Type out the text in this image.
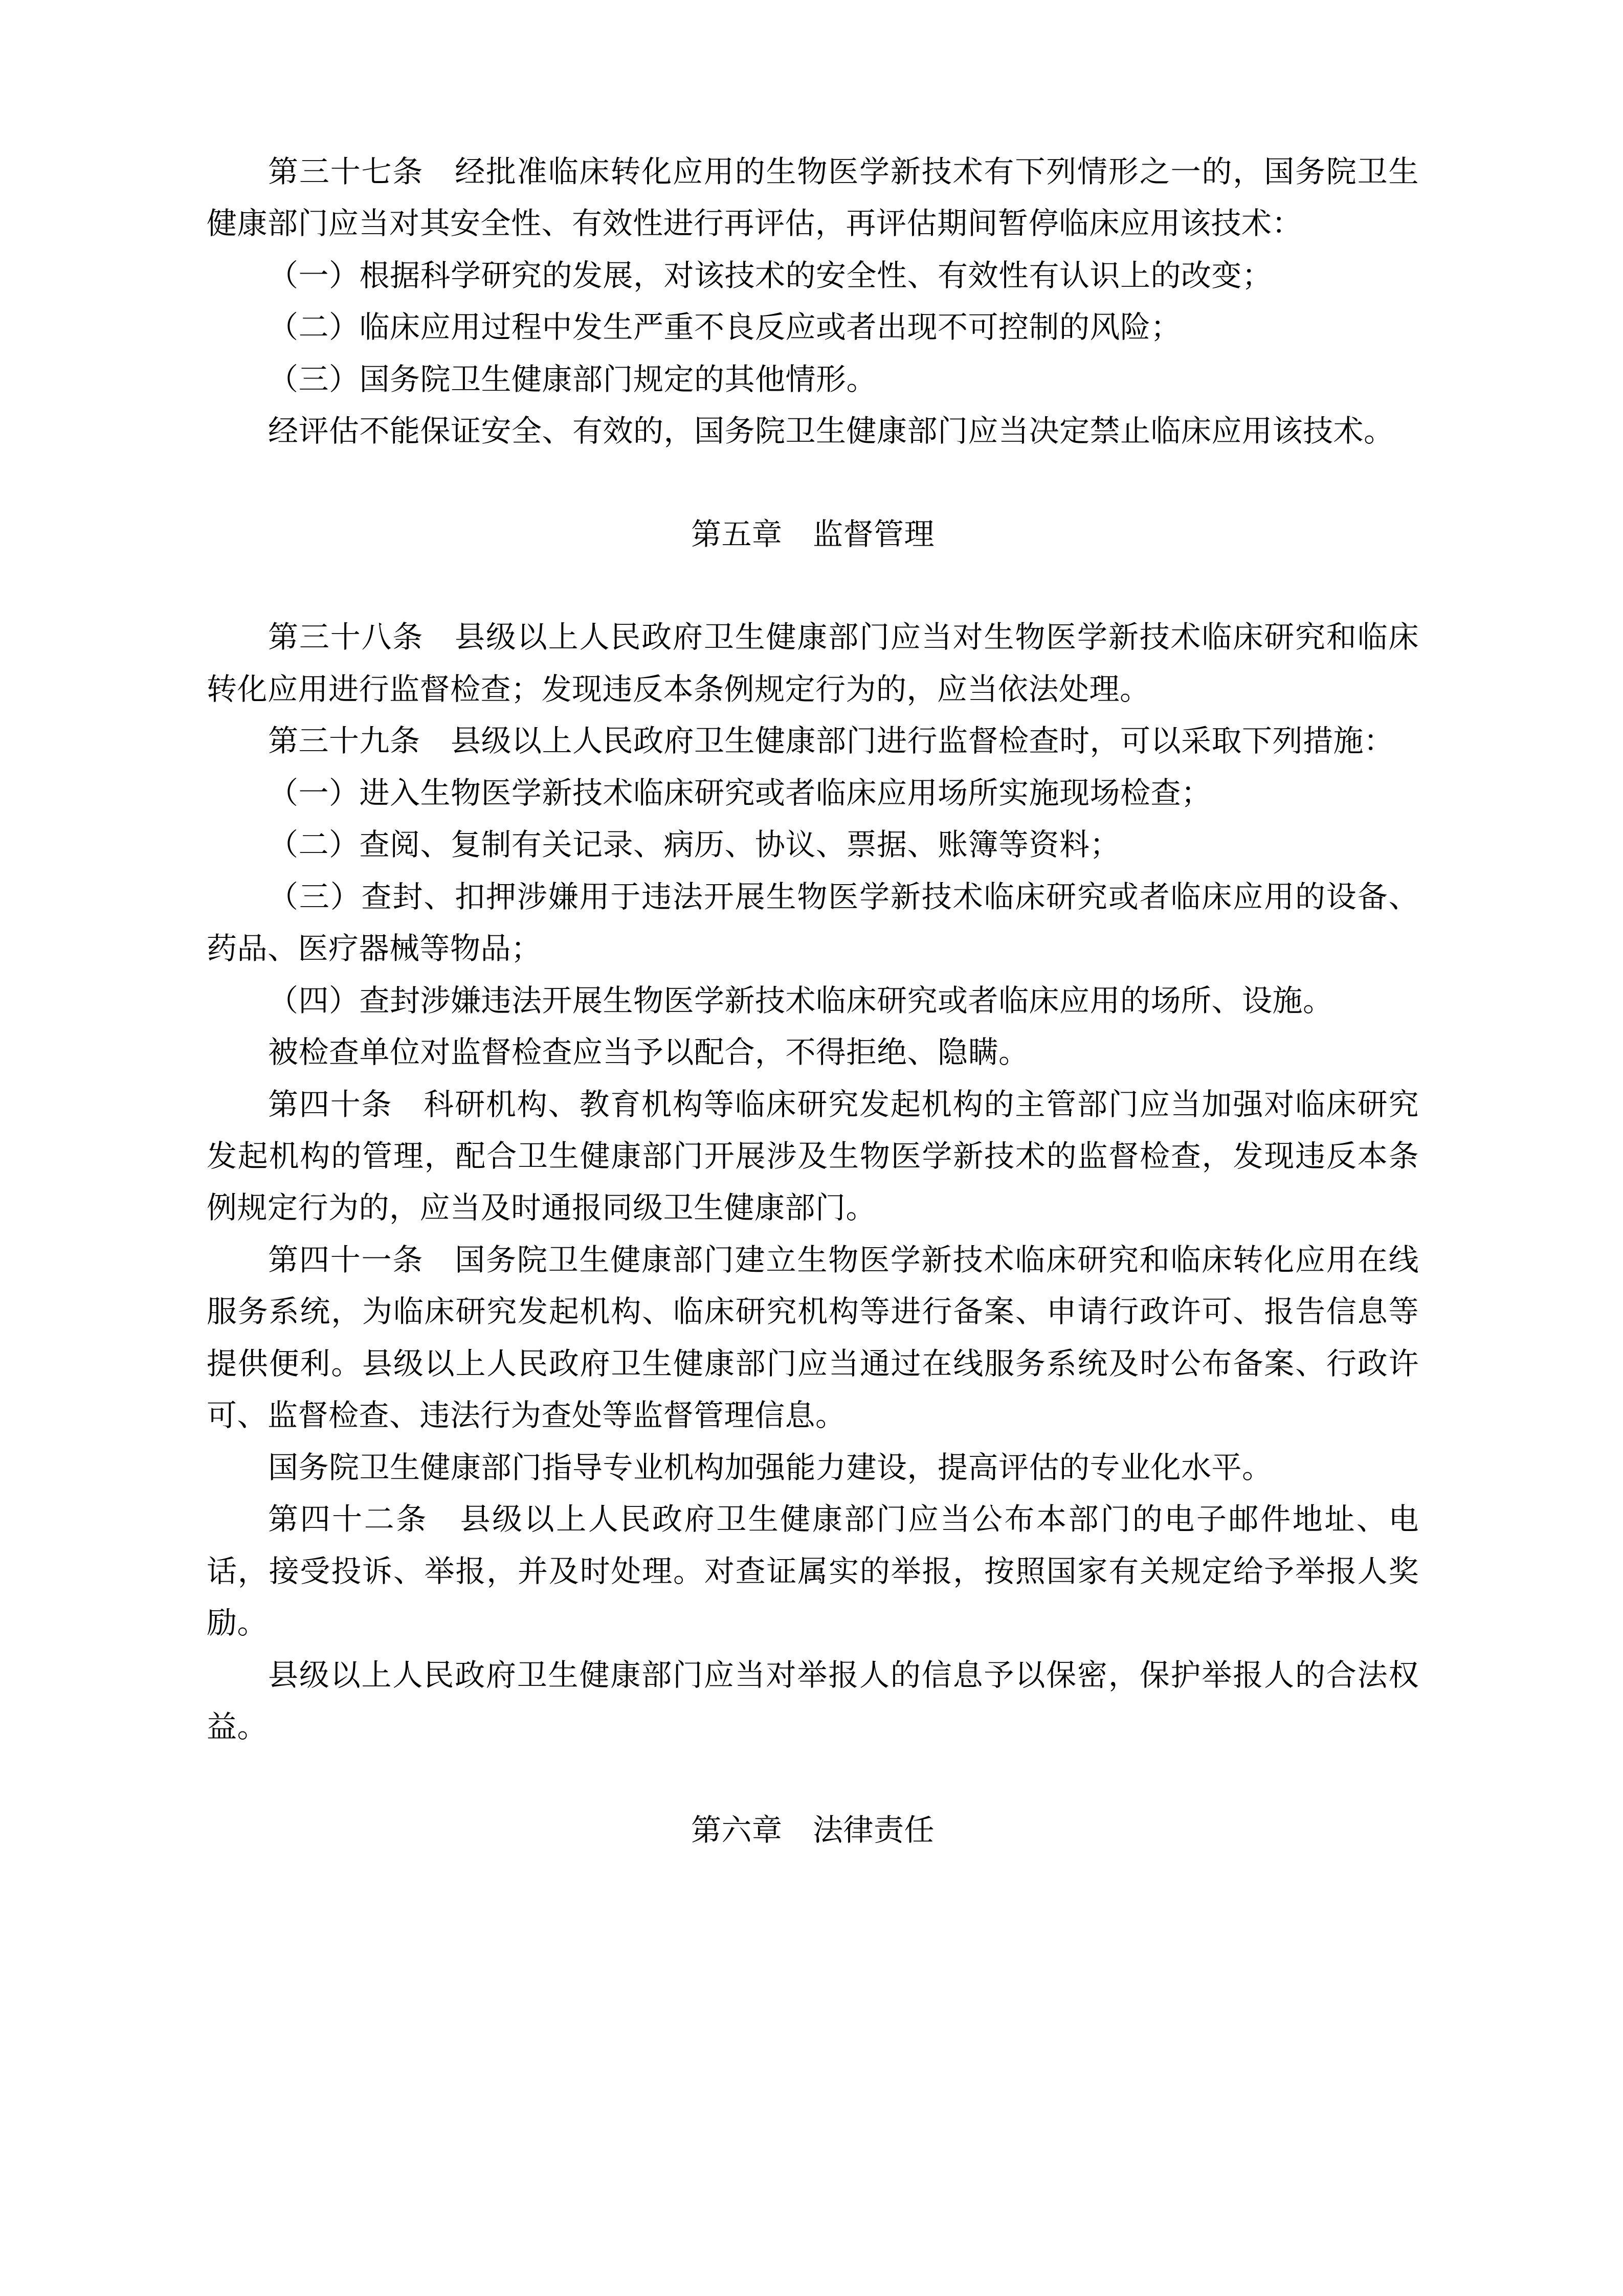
第三十七条　经批准临床转化应用的生物医学新技术有下列情形之一的，国务院卫生健康部门应当对其安全性、有效性进行再评估，再评估期间暂停临床应用该技术：

（一）根据科学研究的发展，对该技术的安全性、有效性有认识上的改变；

（二）临床应用过程中发生严重不良反应或者出现不可控制的风险；

（三）国务院卫生健康部门规定的其他情形。

经评估不能保证安全、有效的，国务院卫生健康部门应当决定禁止临床应用该技术。

第五章　监督管理

第三十八条　县级以上人民政府卫生健康部门应当对生物医学新技术临床研究和临床转化应用进行监督检查；发现违反本条例规定行为的，应当依法处理。

第三十九条　县级以上人民政府卫生健康部门进行监督检查时，可以采取下列措施：

（一）进入生物医学新技术临床研究或者临床应用场所实施现场检查；

（二）查阅、复制有关记录、病历、协议、票据、账簿等资料；

（三）查封、扣押涉嫌用于违法开展生物医学新技术临床研究或者临床应用的设备、药品、医疗器械等物品；

（四）查封涉嫌违法开展生物医学新技术临床研究或者临床应用的场所、设施。

被检查单位对监督检查应当予以配合，不得拒绝、隐瞒。

第四十条　科研机构、教育机构等临床研究发起机构的主管部门应当加强对临床研究发起机构的管理，配合卫生健康部门开展涉及生物医学新技术的监督检查，发现违反本条例规定行为的，应当及时通报同级卫生健康部门。

第四十一条　国务院卫生健康部门建立生物医学新技术临床研究和临床转化应用在线服务系统，为临床研究发起机构、临床研究机构等进行备案、申请行政许可、报告信息等提供便利。县级以上人民政府卫生健康部门应当通过在线服务系统及时公布备案、行政许可、监督检查、违法行为查处等监督管理信息。

国务院卫生健康部门指导专业机构加强能力建设，提高评估的专业化水平。

第四十二条　县级以上人民政府卫生健康部门应当公布本部门的电子邮件地址、电话，接受投诉、举报，并及时处理。对查证属实的举报，按照国家有关规定给予举报人奖励。

县级以上人民政府卫生健康部门应当对举报人的信息予以保密，保护举报人的合法权益。

第六章　法律责任
